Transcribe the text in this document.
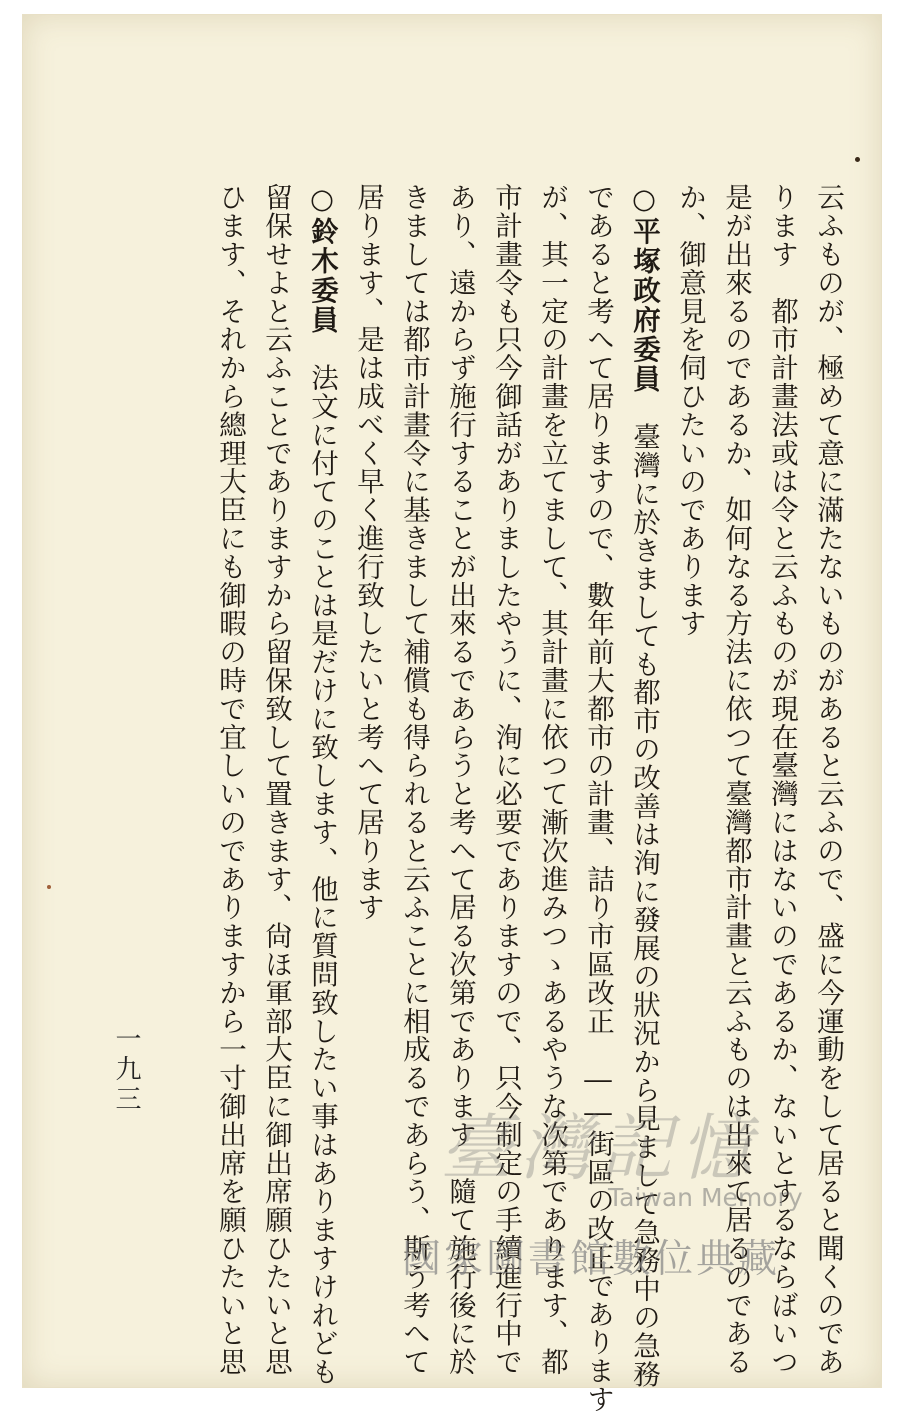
云ふものが、極めて意に滿たないものがあると云ふので、盛に今運動をして居ると聞くのであ
ります　都市計畫法或は令と云ふものが現在臺灣にはないのであるか、ないとするならばいつ
是が出來るのであるか、如何なる方法に依つて臺灣都市計畫と云ふものは出來て居るのである
か、御意見を伺ひたいのであります
○平塚政府委員　臺灣に於きましても都市の改善は洵に發展の狀況から見まして急務中の急務
であると考へて居りますので、數年前大都市の計畫、詰り市區改正　――街區の改正であります
が、其一定の計畫を立てまして、其計畫に依つて漸次進みつゝあるやうな次第であります、都
市計畫令も只今御話がありましたやうに、洵に必要でありますので、只今制定の手續進行中で
あり、遠からず施行することが出來るであらうと考へて居る次第であります　隨て施行後に於
きましては都市計畫令に基きまして補償も得られると云ふことに相成るであらう、斯う考へて
居ります、是は成べく早く進行致したいと考へて居ります
○鈴木委員　法文に付てのことは是だけに致します、他に質問致したい事はありますけれども
留保せよと云ふことでありますから留保致して置きます、尙ほ軍部大臣に御出席願ひたいと思
ひます、それから總理大臣にも御暇の時で宜しいのでありますから一寸御出席を願ひたいと思
一九三
臺灣記憶
Taiwan Memory
國家圖書館數位典藏
